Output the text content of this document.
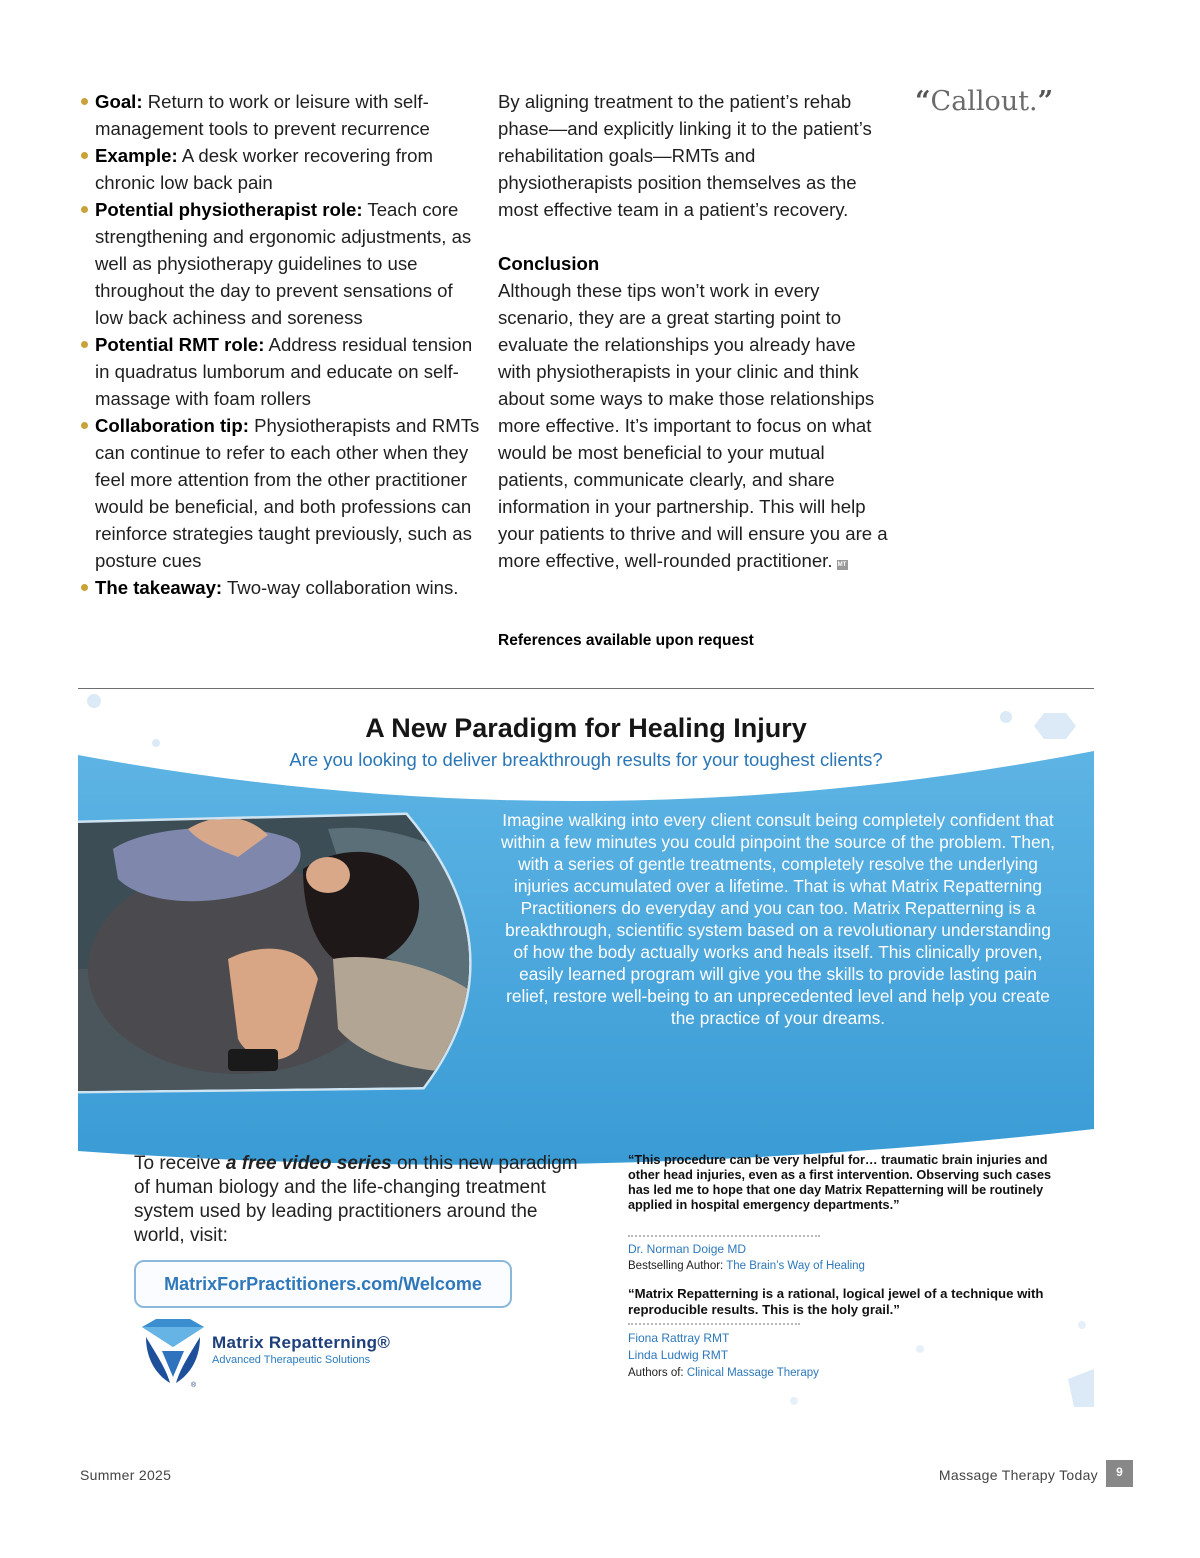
Goal: Return to work or leisure with self-management tools to prevent recurrence
Example: A desk worker recovering from chronic low back pain
Potential physiotherapist role: Teach core strengthening and ergonomic adjustments, as well as physiotherapy guidelines to use throughout the day to prevent sensations of low back achiness and soreness
Potential RMT role: Address residual tension in quadratus lumborum and educate on self-massage with foam rollers
Collaboration tip: Physiotherapists and RMTs can continue to refer to each other when they feel more attention from the other practitioner would be beneficial, and both professions can reinforce strategies taught previously, such as posture cues
The takeaway: Two-way collaboration wins.

By aligning treatment to the patient’s rehab phase—and explicitly linking it to the patient’s rehabilitation goals—RMTs and physiotherapists position themselves as the most effective team in a patient’s recovery.

Conclusion

Although these tips won’t work in every scenario, they are a great starting point to evaluate the relationships you already have with physiotherapists in your clinic and think about some ways to make those relationships more effective. It’s important to focus on what would be most beneficial to your mutual patients, communicate clearly, and share information in your partnership. This will help your patients to thrive and will ensure you are a more effective, well-rounded practitioner. MT

References available upon request
“Callout.”
A New Paradigm for Healing Injury
Are you looking to deliver breakthrough results for your toughest clients?

Imagine walking into every client consult being completely confident that within a few minutes you could pinpoint the source of the problem. Then, with a series of gentle treatments, completely resolve the underlying injuries accumulated over a lifetime. That is what Matrix Repatterning Practitioners do everyday and you can too. Matrix Repatterning is a breakthrough, scientific system based on a revolutionary understanding of how the body actually works and heals itself. This clinically proven, easily learned program will give you the skills to provide lasting pain relief, restore well-being to an unprecedented level and help you create the practice of your dreams.

To receive a free video series on this new paradigm of human biology and the life-changing treatment system used by leading practitioners around the world, visit:
MatrixForPractitioners.com/Welcome
®
Matrix Repatterning®
Advanced Therapeutic Solutions
“This procedure can be very helpful for… traumatic brain injuries and other head injuries, even as a first intervention. Observing such cases has led me to hope that one day Matrix Repatterning will be routinely applied in hospital emergency departments.”
Dr. Norman Doige MD
Bestselling Author: The Brain’s Way of Healing
“Matrix Repatterning is a rational, logical jewel of a technique with reproducible results. This is the holy grail.”
Fiona Rattray RMT
Linda Ludwig RMT
Authors of: Clinical Massage Therapy
Summer 2025	Massage Therapy Today	9
